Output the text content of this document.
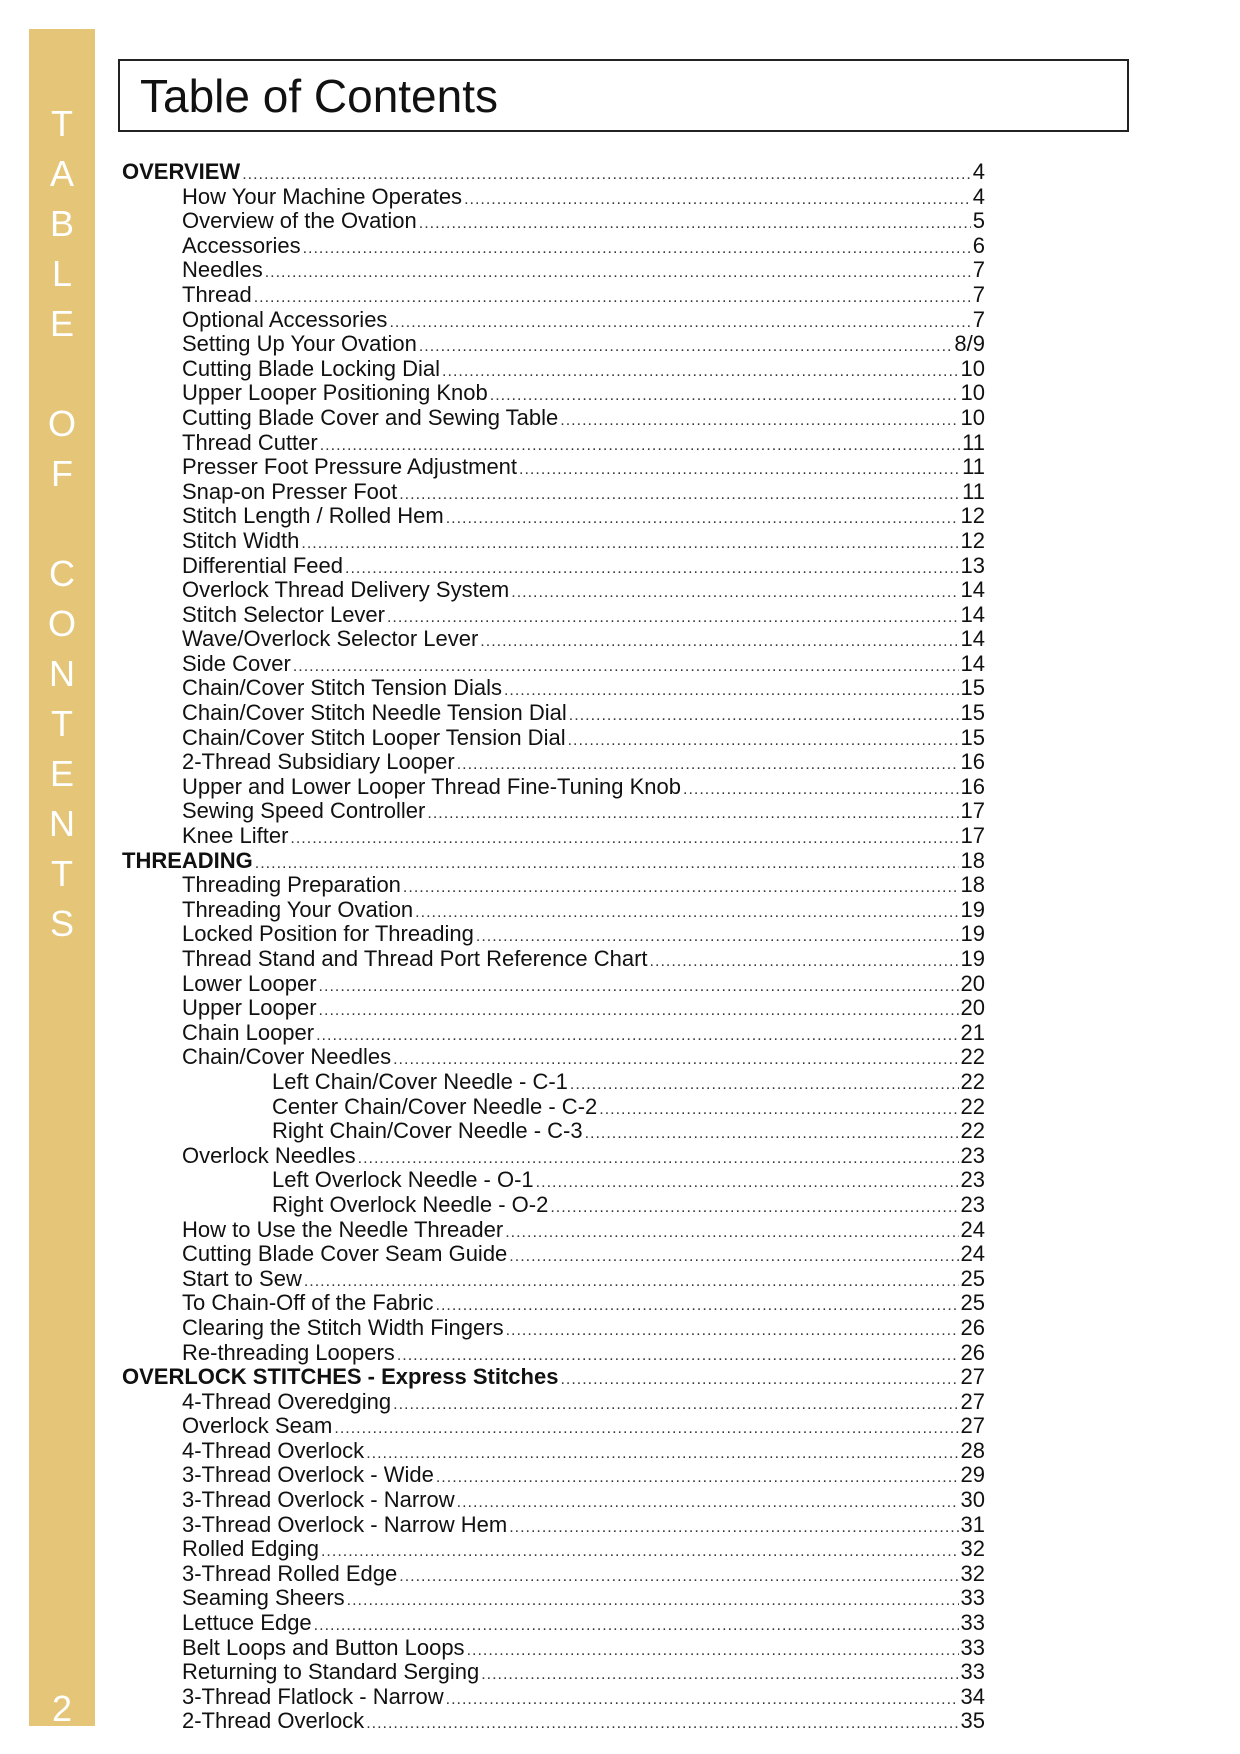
T
A
B
L
E
O
F
C
O
N
T
E
N
T
S
2
Table of Contents
OVERVIEW .....	4
How Your Machine Operates .....	4
Overview of the Ovation .....	5
Accessories .....	6
Needles .....	7
Thread .....	7
Optional Accessories .....	7
Setting Up Your Ovation .....	8/9
Cutting Blade Locking Dial .....	10
Upper Looper Positioning Knob .....	10
Cutting Blade Cover and Sewing Table .....	10
Thread Cutter .....	11
Presser Foot Pressure Adjustment .....	11
Snap-on Presser Foot .....	11
Stitch Length / Rolled Hem .....	12
Stitch Width .....	12
Differential Feed .....	13
Overlock Thread Delivery System .....	14
Stitch Selector Lever .....	14
Wave/Overlock Selector Lever .....	14
Side Cover .....	14
Chain/Cover Stitch Tension Dials .....	15
Chain/Cover Stitch Needle Tension Dial .....	15
Chain/Cover Stitch Looper Tension Dial .....	15
2-Thread Subsidiary Looper .....	16
Upper and Lower Looper Thread Fine-Tuning Knob .....	16
Sewing Speed Controller .....	17
Knee Lifter .....	17
THREADING .....	18
Threading Preparation .....	18
Threading Your Ovation .....	19
Locked Position for Threading .....	19
Thread Stand and Thread Port Reference Chart .....	19
Lower Looper .....	20
Upper Looper .....	20
Chain Looper .....	21
Chain/Cover Needles .....	22
Left Chain/Cover Needle - C-1 .....	22
Center Chain/Cover Needle - C-2 .....	22
Right Chain/Cover Needle - C-3 .....	22
Overlock Needles .....	23
Left Overlock Needle - O-1 .....	23
Right Overlock Needle - O-2 .....	23
How to Use the Needle Threader .....	24
Cutting Blade Cover Seam Guide .....	24
Start to Sew .....	25
To Chain-Off of the Fabric .....	25
Clearing the Stitch Width Fingers .....	26
Re-threading Loopers .....	26
OVERLOCK STITCHES - Express Stitches .....	27
4-Thread Overedging .....	27
Overlock Seam .....	27
4-Thread Overlock .....	28
3-Thread Overlock - Wide .....	29
3-Thread Overlock - Narrow .....	30
3-Thread Overlock - Narrow Hem .....	31
Rolled Edging .....	32
3-Thread Rolled Edge .....	32
Seaming Sheers .....	33
Lettuce Edge .....	33
Belt Loops and Button Loops .....	33
Returning to Standard Serging .....	33
3-Thread Flatlock - Narrow .....	34
2-Thread Overlock .....	35
